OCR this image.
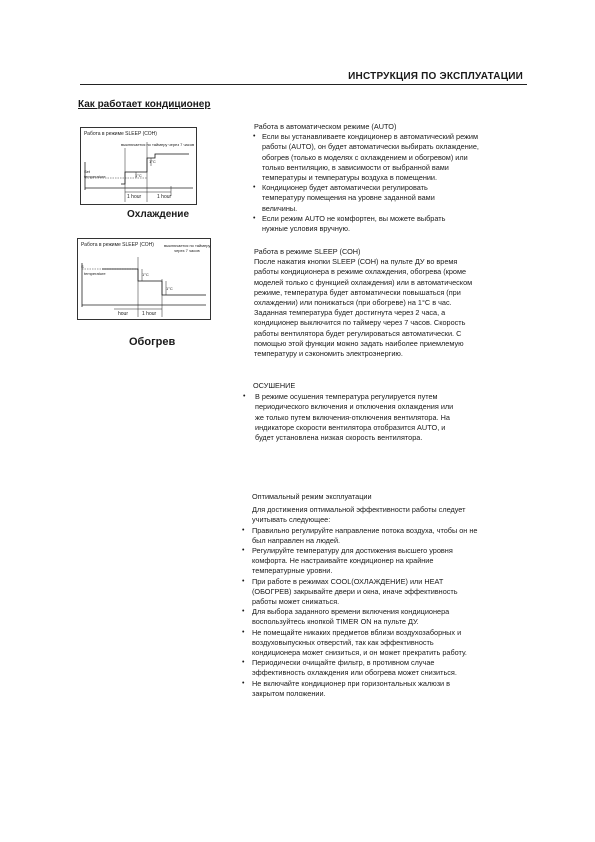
ИНСТРУКЦИЯ ПО ЭКСПЛУАТАЦИИ
Как работает кондиционер
Работа в режиме SLEEP (СОН)
выключается по таймеру через 7 часов
Set
temperature	1°C
1°C
1 hour	1 hour
Охлаждение
Работа в режиме SLEEP (СОН)	выключается по таймеру
через 7 часов
S
temperature	1°C
1°C
hour	1 hour
Обогрев
Работа в автоматическом режиме (AUTO)
• Если вы устанавливаете кондиционер в автоматический режим
работы (AUTO), он будет автоматически выбирать охлаждение,
обогрев (только в моделях с охлаждением и обогревом) или
только вентиляцию, в зависимости от выбранной вами
температуры и температуры воздуха в помещении.
• Кондиционер будет автоматически регулировать
температуру помещения на уровне заданной вами
величины.
• Если режим AUTO не комфортен, вы можете выбрать
нужные условия вручную.
Работа в режиме SLEEP (СОН)
После нажатия кнопки SLEEP (СОН) на пульте ДУ во время
работы кондиционера в режиме охлаждения, обогрева (кроме
моделей только с функцией охлаждения) или в автоматическом
режиме, температура будет автоматически повышаться (при
охлаждении) или понижаться (при обогреве) на 1°C в час.
Заданная температура будет достигнута через 2 часа, а
кондиционер выключится по таймеру через 7 часов. Скорость
работы вентилятора будет регулироваться автоматически. С
помощью этой функции можно задать наиболее приемлемую
температуру и сэкономить электроэнергию.
ОСУШЕНИЕ
• В режиме осушения температура регулируется путем
периодического включения и отключения охлаждения или
же только путем включения-отключения вентилятора. На
индикаторе скорости вентилятора отобразится AUTO, и
будет установлена низкая скорость вентилятора.
Оптимальный режим эксплуатации
Для достижения оптимальной эффективности работы следует
учитывать следующее:
• Правильно регулируйте направление потока воздуха, чтобы он не
был направлен на людей.
• Регулируйте температуру для достижения высшего уровня
комфорта. Не настраивайте кондиционер на крайние
температурные уровни.
• При работе в режимах COOL(ОХЛАЖДЕНИЕ) или HEAT
(ОБОГРЕВ) закрывайте двери и окна, иначе эффективность
работы может снижаться.
• Для выбора заданного времени включения кондиционера
воспользуйтесь кнопкой TIMER ON на пульте ДУ.
• Не помещайте никаких предметов вблизи воздухозаборных и
воздуховыпускных отверстий, так как эффективность
кондиционера может снизиться, и он может прекратить работу.
• Периодически очищайте фильтр, в противном случае
эффективность охлаждения или обогрева может снизиться.
• Не включайте кондиционер при горизонтальных жалюзи в
закрытом положении.
